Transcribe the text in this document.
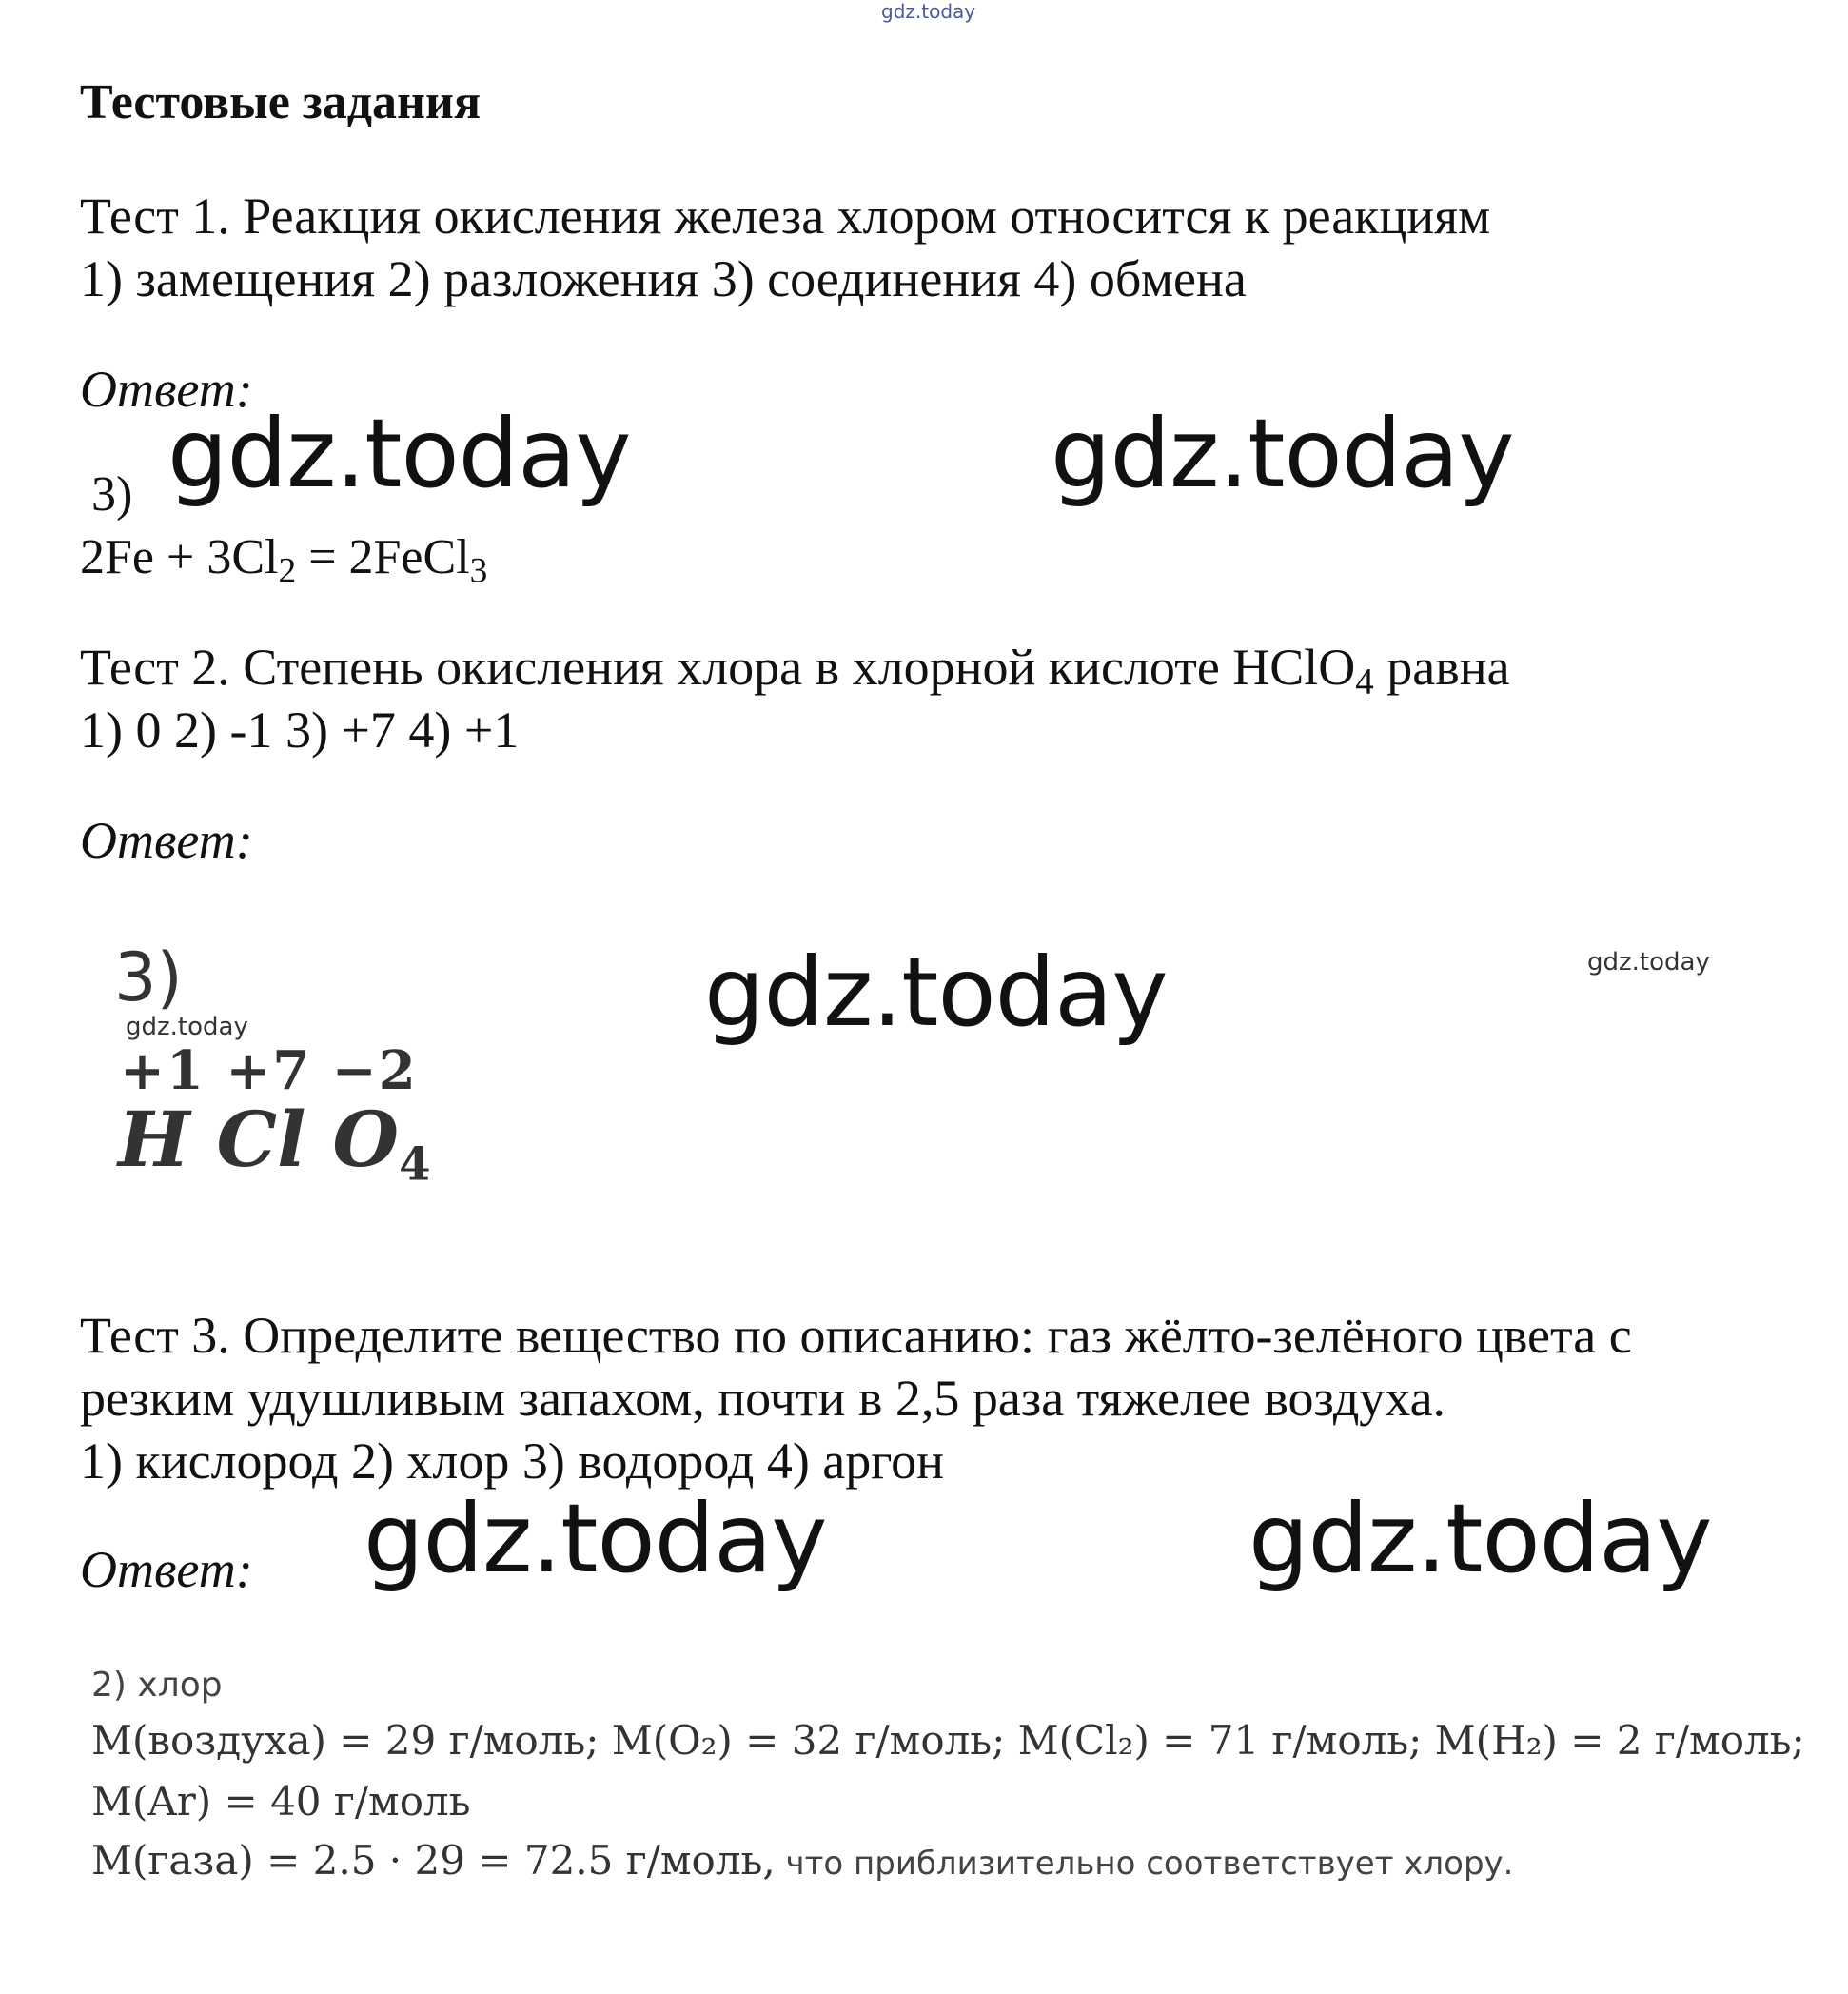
gdz.today
Тестовые задания
Тест 1. Реакция окисления железа хлором относится к реакциям
1) замещения 2) разложения 3) соединения 4) обмена
Ответ:
3) gdz.today	gdz.today
$2Fe + 3Cl_2$ = 2FeCl$_3$
Тест 2. Степень окисления хлора в хлорной кислоте HClO$_4$ равна
1) 0 2) -1 3) +7 4) +1
Ответ:
3)
gdz.today	gdz.today	gdz.today
+1 +7 −2
H Cl O4
Тест 3. Определите вещество по описанию: газ жёлто-зелёного цвета с
резким удушливым запахом, почти в 2,5 раза тяжелее воздуха.
1) кислород 2) хлор 3) водород 4) аргон
Ответ: gdz.today	gdz.today
2) хлор
M(воздуха) = 29 г/моль; M(O₂) = 32 г/моль; M(Cl₂) = 71 г/моль; M(H₂) = 2 г/моль;
M(Ar) = 40 г/моль
M(газа) = 2.5 · 29 = 72.5 г/моль, что приблизительно соответствует хлору.
